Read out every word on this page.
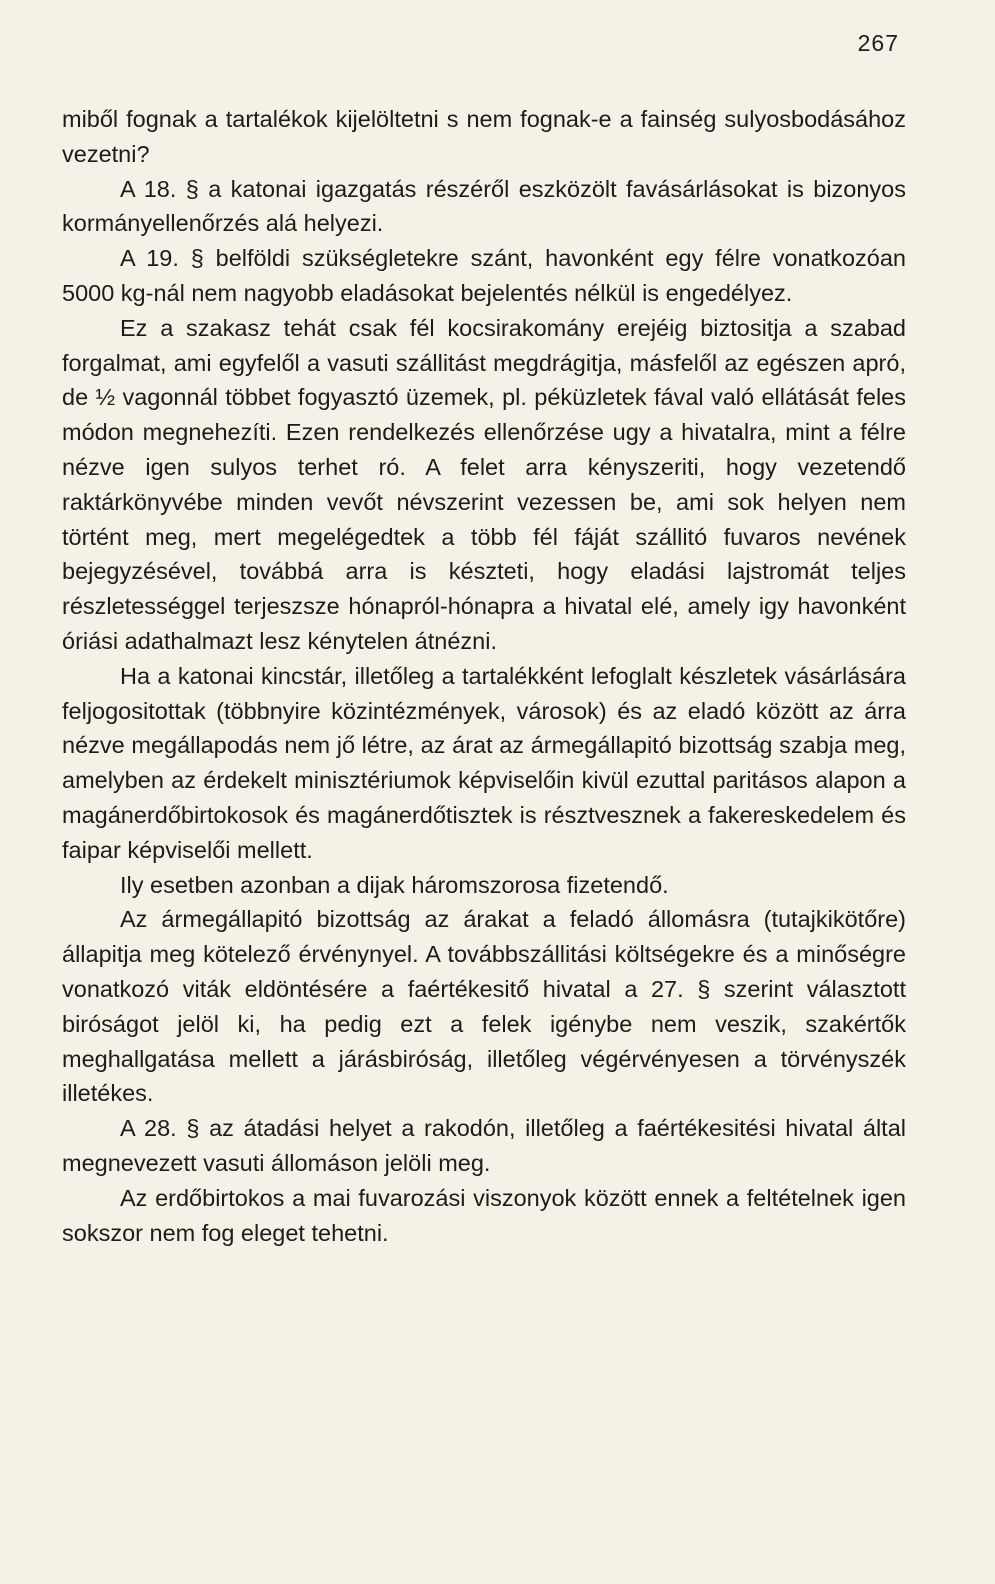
267

miből fognak a tartalékok kijelöltetni s nem fognak-e a fainség sulyosbodásához vezetni?

A 18. § a katonai igazgatás részéről eszközölt favásárlásokat is bizonyos kormányellenőrzés alá helyezi.

A 19. § belföldi szükségletekre szánt, havonként egy félre vonatkozóan 5000 kg-nál nem nagyobb eladásokat bejelentés nélkül is engedélyez.

Ez a szakasz tehát csak fél kocsirakomány erejéig biztositja a szabad forgalmat, ami egyfelől a vasuti szállitást megdrágitja, másfelől az egészen apró, de ½ vagonnál többet fogyasztó üzemek, pl. péküzletek fával való ellátását feles módon megnehezíti. Ezen rendelkezés ellenőrzése ugy a hivatalra, mint a félre nézve igen sulyos terhet ró. A felet arra kényszeriti, hogy vezetendő raktárkönyvébe minden vevőt névszerint vezessen be, ami sok helyen nem történt meg, mert megelégedtek a több fél fáját szállitó fuvaros nevének bejegyzésével, továbbá arra is készteti, hogy eladási lajstromát teljes részletességgel terjeszsze hónapról-hónapra a hivatal elé, amely igy havonként óriási adathalmazt lesz kénytelen átnézni.

Ha a katonai kincstár, illetőleg a tartalékként lefoglalt készletek vásárlására feljogositottak (többnyire közintézmények, városok) és az eladó között az árra nézve megállapodás nem jő létre, az árat az ármegállapitó bizottság szabja meg, amelyben az érdekelt minisztériumok képviselőin kivül ezuttal paritásos alapon a magánerdőbirtokosok és magánerdőtisztek is résztvesznek a fakereskedelem és faipar képviselői mellett.

Ily esetben azonban a dijak háromszorosa fizetendő.

Az ármegállapitó bizottság az árakat a feladó állomásra (tutajkikötőre) állapitja meg kötelező érvénynyel. A továbbszállitási költségekre és a minőségre vonatkozó viták eldöntésére a faértékesitő hivatal a 27. § szerint választott biróságot jelöl ki, ha pedig ezt a felek igénybe nem veszik, szakértők meghallgatása mellett a járásbiróság, illetőleg végérvényesen a törvényszék illetékes.

A 28. § az átadási helyet a rakodón, illetőleg a faértékesitési hivatal által megnevezett vasuti állomáson jelöli meg.

Az erdőbirtokos a mai fuvarozási viszonyok között ennek a feltételnek igen sokszor nem fog eleget tehetni.
